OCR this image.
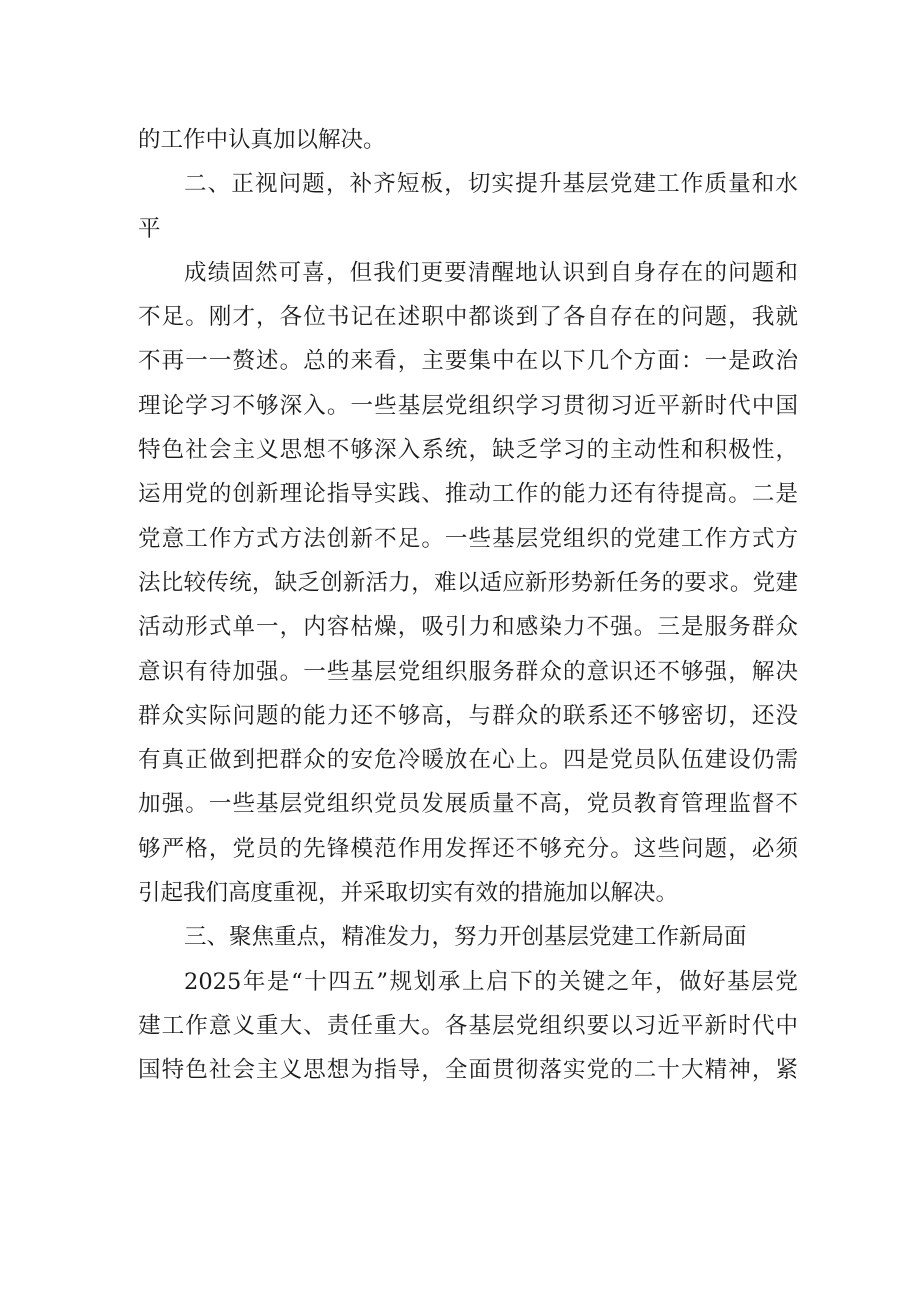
的工作中认真加以解决。
二 、 正 视 问 题 ， 补 齐 短 板 ， 切 实 提 升 基 层 党 建 工 作 质 量 和 水
平
成 绩 固 然 可 喜 ， 但 我 们 更 要 清 醒 地 认 识 到 自 身 存 在 的 问 题 和
不 足 。 刚 才 ， 各 位 书 记 在 述 职 中 都 谈 到 了 各 自 存 在 的 问 题 ， 我 就
不 再 一 一 赘 述 。 总 的 来 看 ， 主 要 集 中 在 以 下 几 个 方 面 ： 一 是 政 治
理 论 学 习 不 够 深 入 。 一 些 基 层 党 组 织 学 习 贯 彻 习 近 平 新 时 代 中 国
特 色 社 会 主 义 思 想 不 够 深 入 系 统 ， 缺 乏 学 习 的 主 动 性 和 积 极 性 ，
运 用 党 的 创 新 理 论 指 导 实 践 、 推 动 工 作 的 能 力 还 有 待 提 高 。 二 是
党 意 工 作 方 式 方 法 创 新 不 足 。 一 些 基 层 党 组 织 的 党 建 工 作 方 式 方
法 比 较 传 统 ， 缺 乏 创 新 活 力 ， 难 以 适 应 新 形 势 新 任 务 的 要 求 。 党 建
活 动 形 式 单 一 ， 内 容 枯 燥 ， 吸 引 力 和 感 染 力 不 强 。 三 是 服 务 群 众
意 识 有 待 加 强 。 一 些 基 层 党 组 织 服 务 群 众 的 意 识 还 不 够 强 ， 解 决
群 众 实 际 问 题 的 能 力 还 不 够 高 ， 与 群 众 的 联 系 还 不 够 密 切 ， 还 没
有 真 正 做 到 把 群 众 的 安 危 冷 暖 放 在 心 上 。 四 是 党 员 队 伍 建 设 仍 需
加 强 。 一 些 基 层 党 组 织 党 员 发 展 质 量 不 高 ， 党 员 教 育 管 理 监 督 不
够 严 格 ， 党 员 的 先 锋 模 范 作 用 发 挥 还 不 够 充 分 。 这 些 问 题 ， 必 须
引起我们高度重视，并采取切实有效的措施加以解决。
三、聚焦重点，精准发力，努力开创基层党建工作新局面
2025 年 是 “ 十 四 五 ” 规 划 承 上 启 下 的 关 键 之 年 ， 做 好 基 层 党
建 工 作 意 义 重 大 、 责 任 重 大 。 各 基 层 党 组 织 要 以 习 近 平 新 时 代 中
国 特 色 社 会 主 义 思 想 为 指 导 ， 全 面 贯 彻 落 实 党 的 二 十 大 精 神 ， 紧
